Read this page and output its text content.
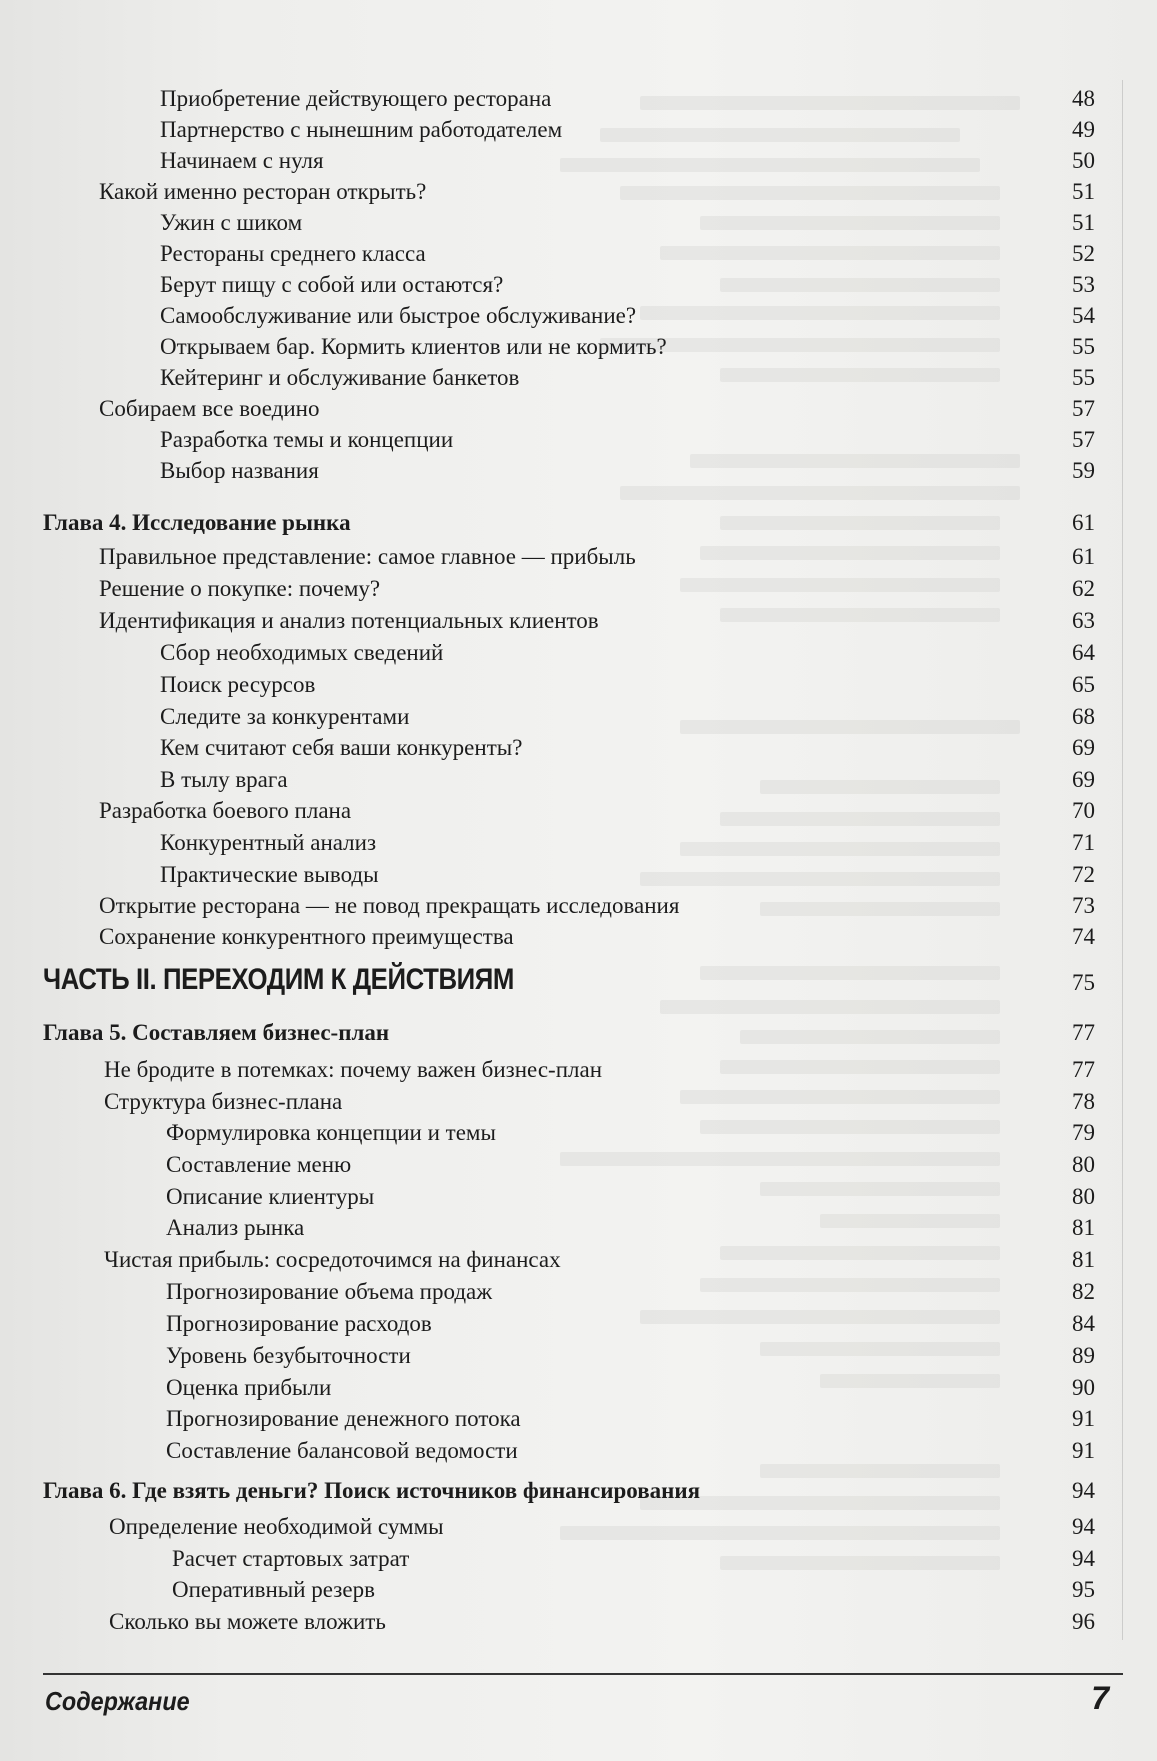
Приобретение действующего ресторана	48
Партнерство с нынешним работодателем	49
Начинаем с нуля	50
Какой именно ресторан открыть?	51
Ужин с шиком	51
Рестораны среднего класса	52
Берут пищу с собой или остаются?	53
Самообслуживание или быстрое обслуживание?	54
Открываем бар. Кормить клиентов или не кормить?	55
Кейтеринг и обслуживание банкетов	55
Собираем все воедино	57
Разработка темы и концепции	57
Выбор названия	59
Глава 4. Исследование рынка	61
Правильное представление: самое главное — прибыль	61
Решение о покупке: почему?	62
Идентификация и анализ потенциальных клиентов	63
Сбор необходимых сведений	64
Поиск ресурсов	65
Следите за конкурентами	68
Кем считают себя ваши конкуренты?	69
В тылу врага	69
Разработка боевого плана	70
Конкурентный анализ	71
Практические выводы	72
Открытие ресторана — не повод прекращать исследования	73
Сохранение конкурентного преимущества	74
ЧАСТЬ II. ПЕРЕХОДИМ К ДЕЙСТВИЯМ	75
Глава 5. Составляем бизнес-план	77
Не бродите в потемках: почему важен бизнес-план	77
Структура бизнес-плана	78
Формулировка концепции и темы	79
Составление меню	80
Описание клиентуры	80
Анализ рынка	81
Чистая прибыль: сосредоточимся на финансах	81
Прогнозирование объема продаж	82
Прогнозирование расходов	84
Уровень безубыточности	89
Оценка прибыли	90
Прогнозирование денежного потока	91
Составление балансовой ведомости	91
Глава 6. Где взять деньги? Поиск источников финансирования	94
Определение необходимой суммы	94
Расчет стартовых затрат	94
Оперативный резерв	95
Сколько вы можете вложить	96
Содержание	7
